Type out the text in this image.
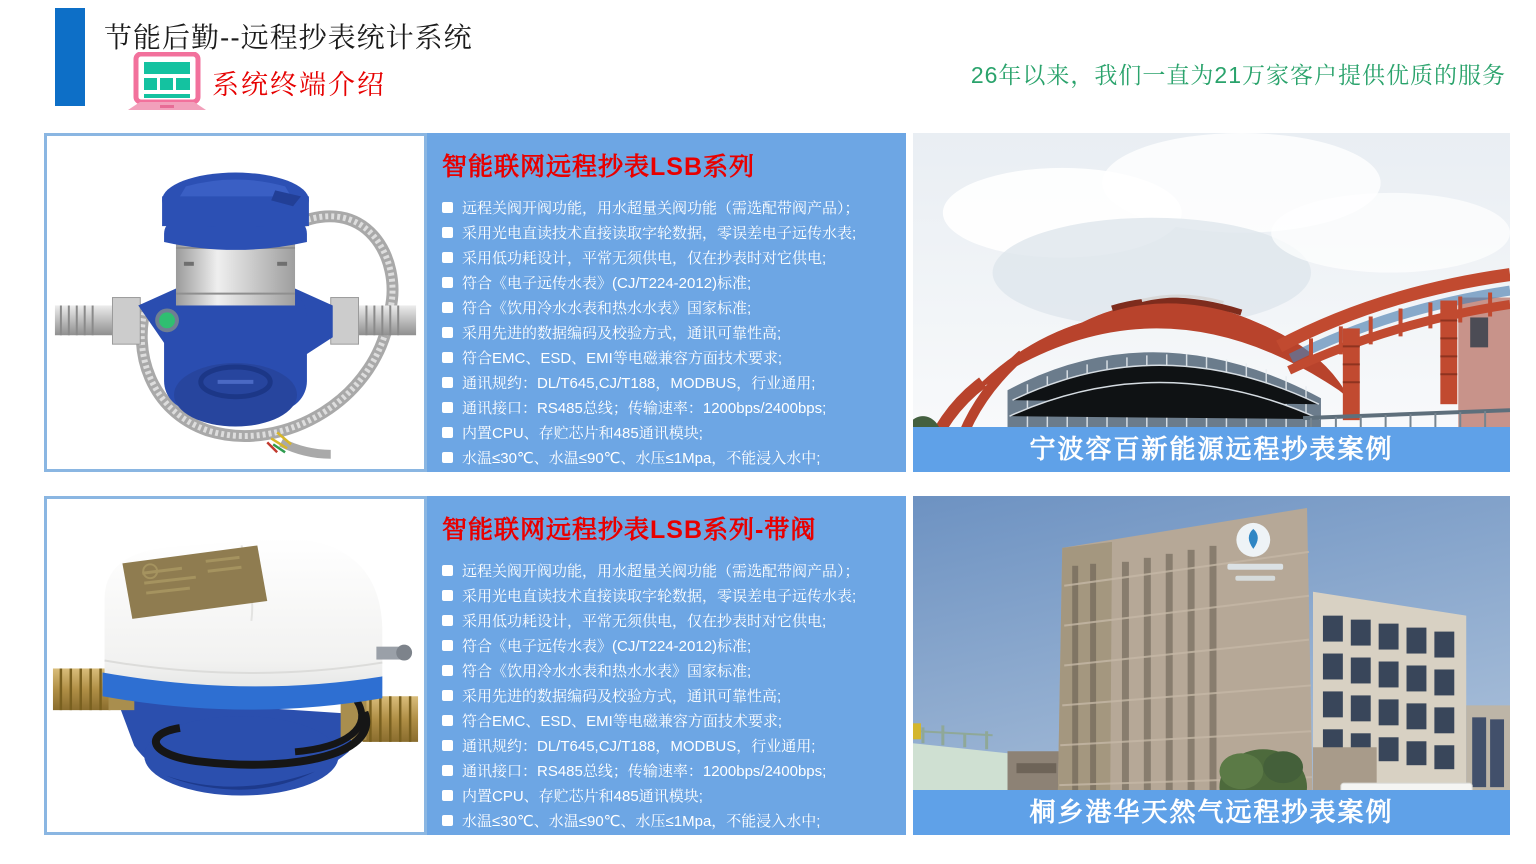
节能后勤--远程抄表统计系统
系统终端介绍	26年以来，我们一直为21万家客户提供优质的服务
智能联网远程抄表LSB系列
远程关阀开阀功能，用水超量关阀功能（需选配带阀产品）；
采用光电直读技术直接读取字轮数据，零误差电子远传水表;
采用低功耗设计，平常无须供电，仅在抄表时对它供电;
符合《电子远传水表》(CJ/T224-2012)标准;
符合《饮用冷水水表和热水水表》国家标准;
采用先进的数据编码及校验方式，通讯可靠性高;
符合EMC、ESD、EMI等电磁兼容方面技术要求;
通讯规约：DL/T645,CJ/T188，MODBUS，行业通用;
通讯接口：RS485总线；传输速率：1200bps/2400bps;
内置CPU、存贮芯片和485通讯模块;
水温≤30℃、水温≤90℃、水压≤1Mpa，不能浸入水中;	宁波容百新能源远程抄表案例
智能联网远程抄表LSB系列-带阀
远程关阀开阀功能，用水超量关阀功能（需选配带阀产品）；
采用光电直读技术直接读取字轮数据，零误差电子远传水表;
采用低功耗设计，平常无须供电，仅在抄表时对它供电;
符合《电子远传水表》(CJ/T224-2012)标准;
符合《饮用冷水水表和热水水表》国家标准;
采用先进的数据编码及校验方式，通讯可靠性高;
符合EMC、ESD、EMI等电磁兼容方面技术要求;
通讯规约：DL/T645,CJ/T188，MODBUS，行业通用;
通讯接口：RS485总线；传输速率：1200bps/2400bps;
内置CPU、存贮芯片和485通讯模块;
水温≤30℃、水温≤90℃、水压≤1Mpa，不能浸入水中;	桐乡港华天然气远程抄表案例
